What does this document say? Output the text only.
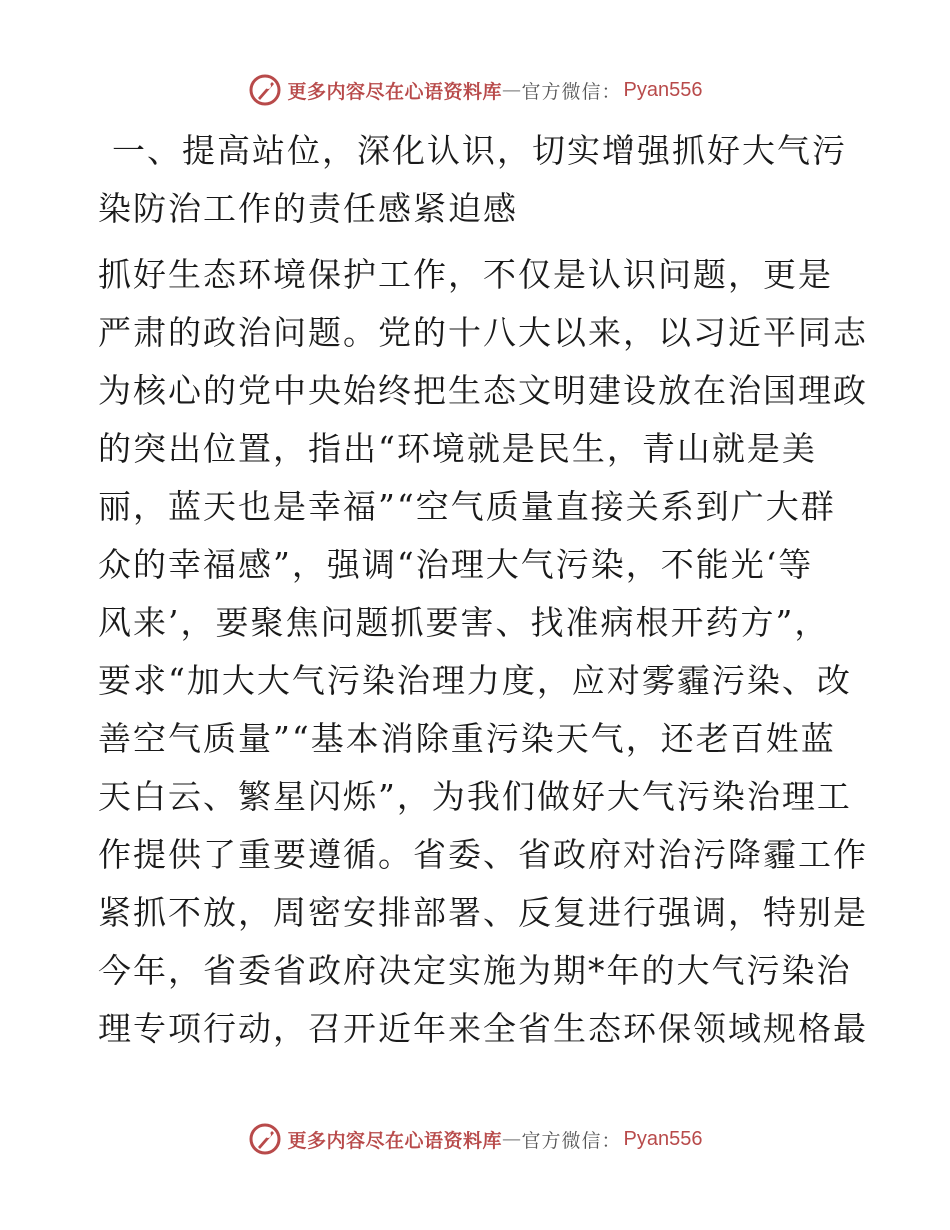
更多内容尽在心语资料库 — 官方微信： Pyan556
一、提高站位，深化认识，切实增强抓好大气污
染防治工作的责任感紧迫感

抓好生态环境保护工作，不仅是认识问题，更是
严肃的政治问题。党的十八大以来，以习近平同志
为核心的党中央始终把生态文明建设放在治国理政
的突出位置，指出“环境就是民生，青山就是美
丽，蓝天也是幸福”“空气质量直接关系到广大群
众的幸福感”，强调“治理大气污染，不能光‘等
风来’，要聚焦问题抓要害、找准病根开药方”，
要求“加大大气污染治理力度，应对雾霾污染、改
善空气质量”“基本消除重污染天气，还老百姓蓝
天白云、繁星闪烁”，为我们做好大气污染治理工
作提供了重要遵循。省委、省政府对治污降霾工作
紧抓不放，周密安排部署、反复进行强调，特别是
今年，省委省政府决定实施为期*年的大气污染治
理专项行动，召开近年来全省生态环保领域规格最

更多内容尽在心语资料库 — 官方微信： Pyan556
